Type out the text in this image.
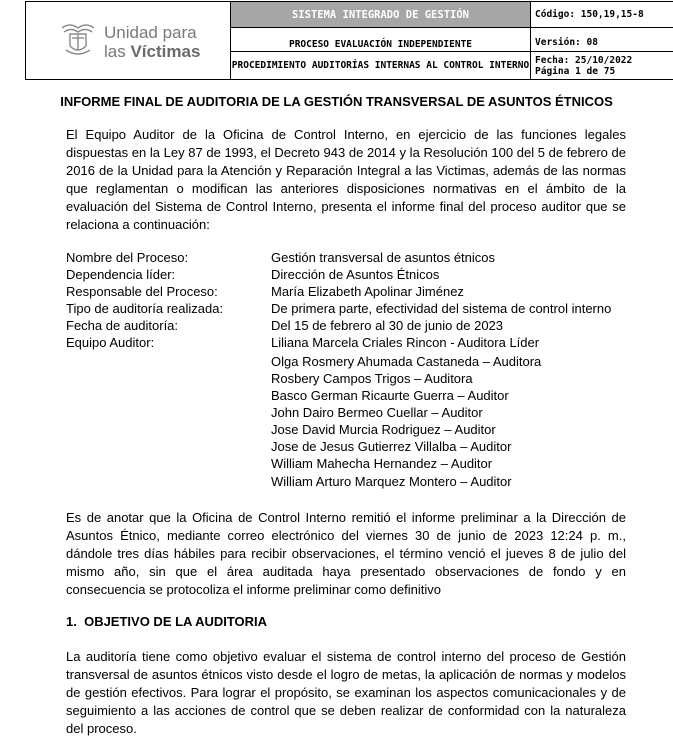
Unidad para
las Víctimas	SISTEMA INTEGRADO DE GESTIÓN	Código: 150,19,15-8
	PROCESO EVALUACIÓN INDEPENDIENTE	Versión: 08
	PROCEDIMIENTO AUDITORÍAS INTERNAS AL CONTROL INTERNO	Fecha: 25/10/2022
Página 1 de 75
INFORME FINAL DE AUDITORIA DE LA GESTIÓN TRANSVERSAL DE ASUNTOS ÉTNICOS
El Equipo Auditor de la Oficina de Control Interno, en ejercicio de las funciones legales dispuestas en la Ley 87 de 1993, el Decreto 943 de 2014 y la Resolución 100 del 5 de febrero de 2016 de la Unidad para la Atención y Reparación Integral a las Victimas, además de las normas que reglamentan o modifican las anteriores disposiciones normativas en el ámbito de la evaluación del Sistema de Control Interno, presenta el informe final del proceso auditor que se relaciona a continuación:
Nombre del Proceso:	Gestión transversal de asuntos étnicos
Dependencia líder:	Dirección de Asuntos Étnicos
Responsable del Proceso:	María Elizabeth Apolinar Jiménez
Tipo de auditoría realizada:	De primera parte, efectividad del sistema de control interno
Fecha de auditoría:	Del 15 de febrero al 30 de junio de 2023
Equipo Auditor:	Liliana Marcela Criales Rincon - Auditora Líder
Olga Rosmery Ahumada Castaneda – Auditora
Rosbery Campos Trigos – Auditora
Basco German Ricaurte Guerra – Auditor
John Dairo Bermeo Cuellar – Auditor
Jose David Murcia Rodriguez – Auditor
Jose de Jesus Gutierrez Villalba – Auditor
William Mahecha Hernandez – Auditor
William Arturo Marquez Montero – Auditor
Es de anotar que la Oficina de Control Interno remitió el informe preliminar a la Dirección de Asuntos Étnico, mediante correo electrónico del viernes 30 de junio de 2023 12:24 p. m., dándole tres días hábiles para recibir observaciones, el término venció el jueves 8 de julio del mismo año, sin que el área auditada haya presentado observaciones de fondo y en consecuencia se protocoliza el informe preliminar como definitivo
1. OBJETIVO DE LA AUDITORIA
La auditoría tiene como objetivo evaluar el sistema de control interno del proceso de Gestión transversal de asuntos étnicos visto desde el logro de metas, la aplicación de normas y modelos de gestión efectivos. Para lograr el propósito, se examinan los aspectos comunicacionales y de seguimiento a las acciones de control que se deben realizar de conformidad con la naturaleza del proceso.
